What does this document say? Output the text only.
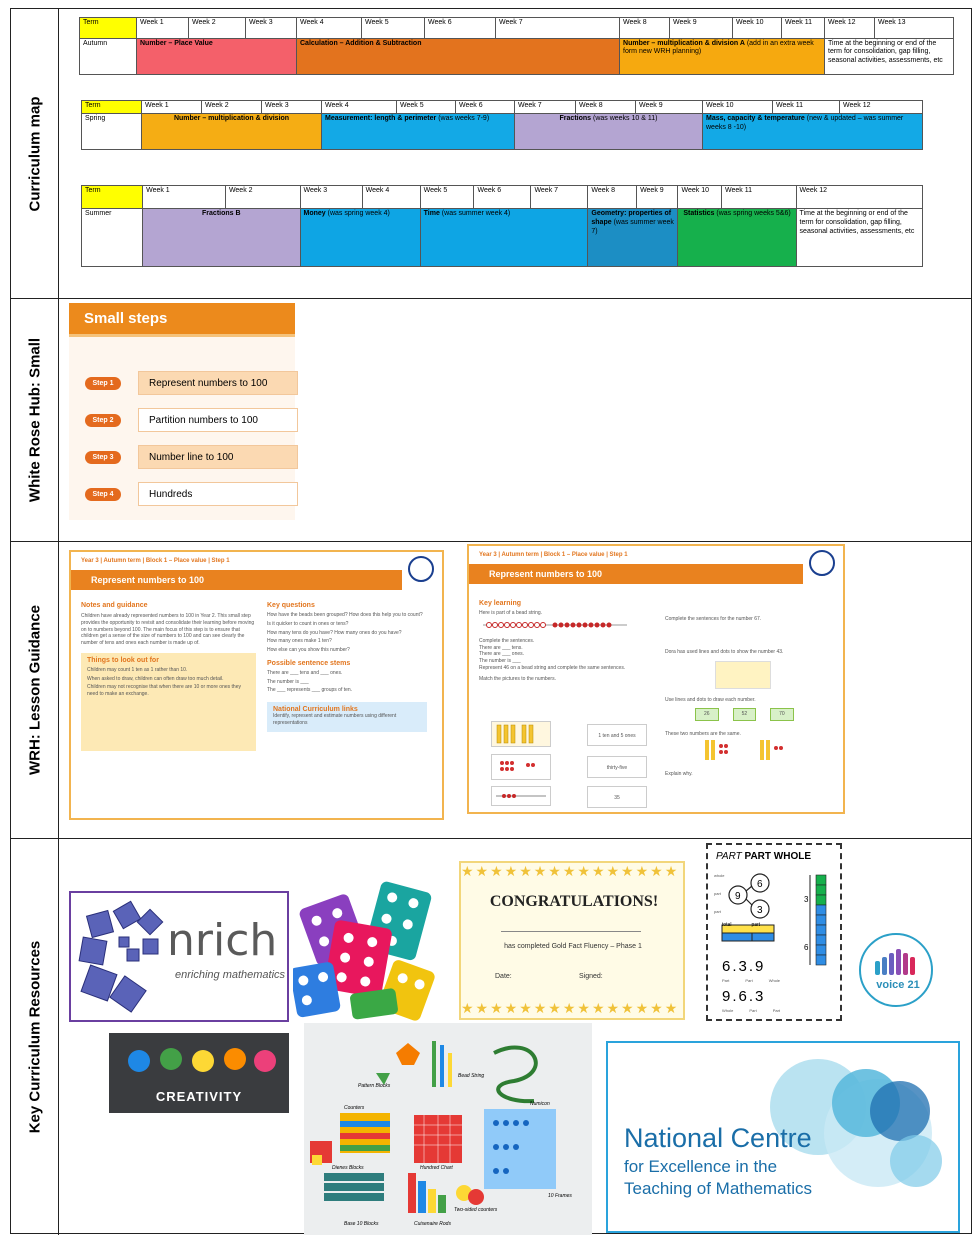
Curriculum map
Term	Week 1	Week 2	Week 3	Week 4	Week 5	Week 6	Week 7	Week 8	Week 9	Week 10	Week 11	Week 12	Week 13	
Autumn	Number – Place Value			Calculation – Addition & Subtraction				Number – multiplication & division A (add in an extra week form new WRH planning)				Time at the beginning or end of the term for consolidation, gap filling, seasonal activities, assessments, etc		
Term	Week 1	Week 2	Week 3	Week 4	Week 5	Week 6	Week 7	Week 8	Week 9	Week 10	Week 11	Week 12
Spring	Number – multiplication & division			Measurement: length & perimeter (was weeks 7-9)			Fractions (was weeks 10 & 11)			Mass, capacity & temperature (new & updated – was summer weeks 8 -10)		
Term	Week 1	Week 2	Week 3	Week 4	Week 5	Week 6	Week 7	Week 8	Week 9	Week 10	Week 11	Week 12
Summer	Fractions B		Money (was spring week 4)		Time (was summer week 4)			Geometry: properties of shape (was summer week 7)		Statistics (was spring weeks 5&6)		Time at the beginning or end of the term for consolidation, gap filling, seasonal activities, assessments, etc
White Rose Hub: Small
Small steps
Step 1	Represent numbers to 100
Step 2	Partition numbers to 100
Step 3	Number line to 100
Step 4	Hundreds
WRH: Lesson Guidance
Year 3 | Autumn term | Block 1 – Place value | Step 1
Represent numbers to 100
Notes and guidance
Children have already represented numbers to 100 in Year 2. This small step provides the opportunity to revisit and consolidate their learning before moving on to numbers beyond 100. The main focus of this step is to ensure that children get a sense of the size of numbers to 100 and can see clearly the number of tens and ones each number is made up of.
Things to look out for
Children may count 1 ten as 1 rather than 10.
When asked to draw, children can often draw too much detail.
Children may not recognise that when there are 10 or more ones they need to make an exchange.
Key questions
How have the beads been grouped? How does this help you to count?
Is it quicker to count in ones or tens?
How many tens do you have? How many ones do you have?
How many ones make 1 ten?
How else can you show this number?
Possible sentence stems
There are ___ tens and ___ ones.
The number is ___
The ___ represents ___ groups of ten.
National Curriculum links
Identify, represent and estimate numbers using different representations
Year 3 | Autumn term | Block 1 – Place value | Step 1
Represent numbers to 100
Key learning
Here is part of a bead string.
Complete the sentences.
There are ___ tens.
There are ___ ones.
The number is ___
Represent 46 on a bead string and complete the same sentences.
Match the pictures to the numbers.
1 ten and 5 ones
thirty-five
35
Complete the sentences for the number 67.
Dora has used lines and dots to show the number 43.
Use lines and dots to draw each number.
26	52	70
These two numbers are the same.
Explain why.
Key Curriculum Resources
nrich
enriching mathematics
★★★★★★★★★★★★★★★
★★★★★★★★★★★★★★★
CONGRATULATIONS!
has completed Gold Fact Fluency – Phase 1
Date:	Signed:
PART PART WHOLE
9
6
3
3
6
6.3.9
9.6.3
total	part
Part	Part	Whole
Whole	Part	Part
whole
part
part
voice 21
CREATIVITY
Pattern Blocks
Dienes Blocks
Numicon
Hundred Chart
Base 10 Blocks	Cuisenaire Rods
Bead String
Counters
Two-sided counters
10 Frames
National Centre
for Excellence in the
Teaching of Mathematics
